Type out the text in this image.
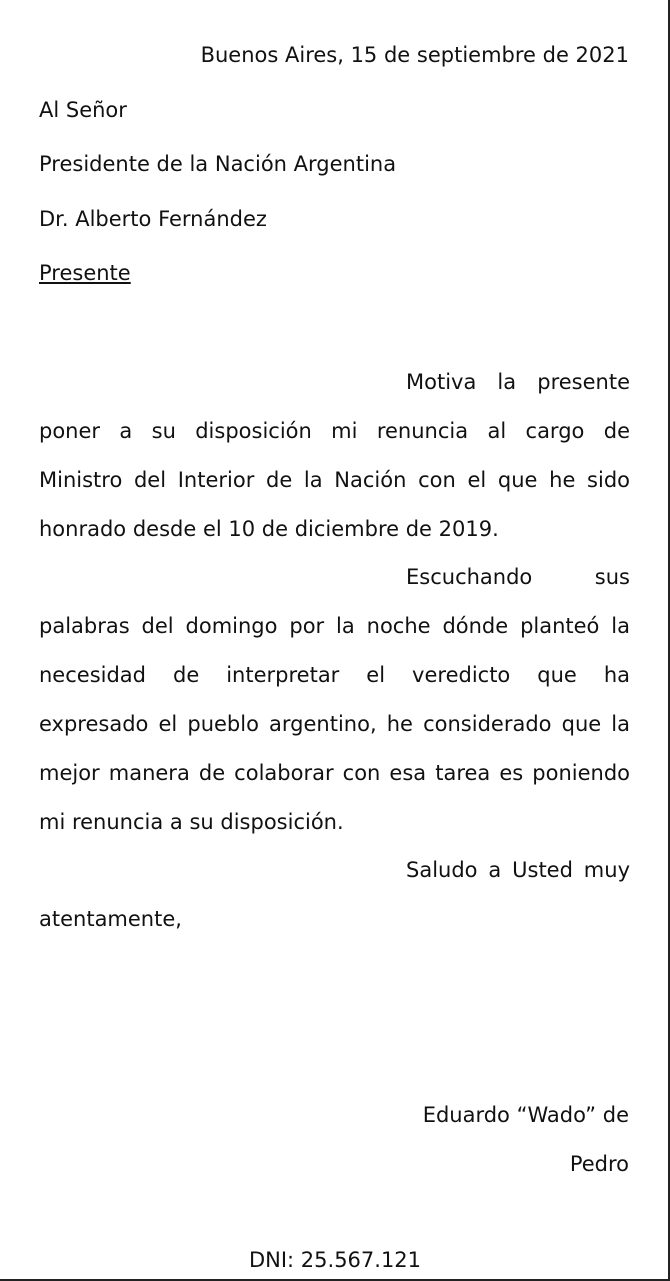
Buenos Aires, 15 de septiembre de 2021

Al Señor

Presidente de la Nación Argentina

Dr. Alberto Fernández

Presente

Motiva la presente

poner a su disposición mi renuncia al cargo de

Ministro del Interior de la Nación con el que he sido

honrado desde el 10 de diciembre de 2019.

Escuchando sus

palabras del domingo por la noche dónde planteó la

necesidad de interpretar el veredicto que ha

expresado el pueblo argentino, he considerado que la

mejor manera de colaborar con esa tarea es poniendo

mi renuncia a su disposición.

Saludo a Usted muy

atentamente,

Eduardo “Wado” de

Pedro

DNI: 25.567.121
